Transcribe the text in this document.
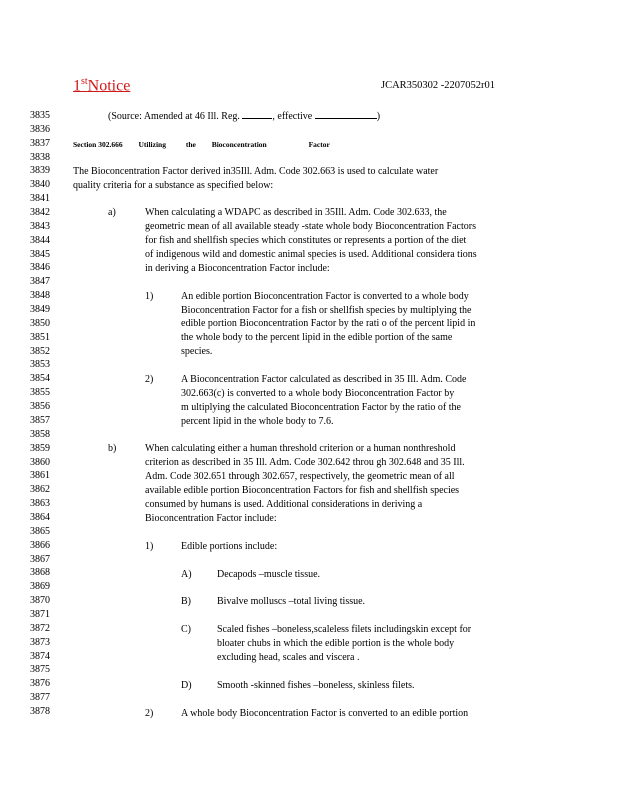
1stNotice	JCAR350302 -2207052r01
3835
3836
3837
3838
3839
3840
3841
3842
3843
3844
3845
3846
3847
3848
3849
3850
3851
3852
3853
3854
3855
3856
3857
3858
3859
3860
3861
3862
3863
3864
3865
3866
3867
3868
3869
3870
3871
3872
3873
3874
3875
3876
3877
3878
(Source: Amended at 46 Ill. Reg.	, effective	)
Section 302.666 Utilizing	the Bioconcentration	Factor
The Bioconcentration Factor derived in35Ill. Adm. Code 302.663 is used to calculate water
quality criteria for a substance as specified below:
a)	When calculating a WDAPC as described in 35Ill. Adm. Code 302.633, the
geometric mean of all available steady -state whole body Bioconcentration Factors
for fish and shellfish species which constitutes or represents a portion of the diet
of indigenous wild and domestic animal species is used. Additional considera tions
in deriving a Bioconcentration Factor include:
1)	An edible portion Bioconcentration Factor is converted to a whole body
Bioconcentration Factor for a fish or shellfish species by multiplying the
edible portion Bioconcentration Factor by the rati o of the percent lipid in
the whole body to the percent lipid in the edible portion of the same
species.
2)	A Bioconcentration Factor calculated as described in 35 Ill. Adm. Code
302.663(c) is converted to a whole body Bioconcentration Factor by
m ultiplying the calculated Bioconcentration Factor by the ratio of the
percent lipid in the whole body to 7.6.
b)	When calculating either a human threshold criterion or a human nonthreshold
criterion as described in 35 Ill. Adm. Code 302.642 throu gh 302.648 and 35 Ill.
Adm. Code 302.651 through 302.657, respectively, the geometric mean of all
available edible portion Bioconcentration Factors for fish and shellfish species
consumed by humans is used. Additional considerations in deriving a
Bioconcentration Factor include:
1)	Edible portions include:
A)	Decapods –muscle tissue.
B)	Bivalve molluscs –total living tissue.
C)	Scaled fishes –boneless,scaleless filets includingskin except for
bloater chubs in which the edible portion is the whole body
excluding head, scales and viscera .
D)	Smooth -skinned fishes –boneless, skinless filets.
2)	A whole body Bioconcentration Factor is converted to an edible portion
